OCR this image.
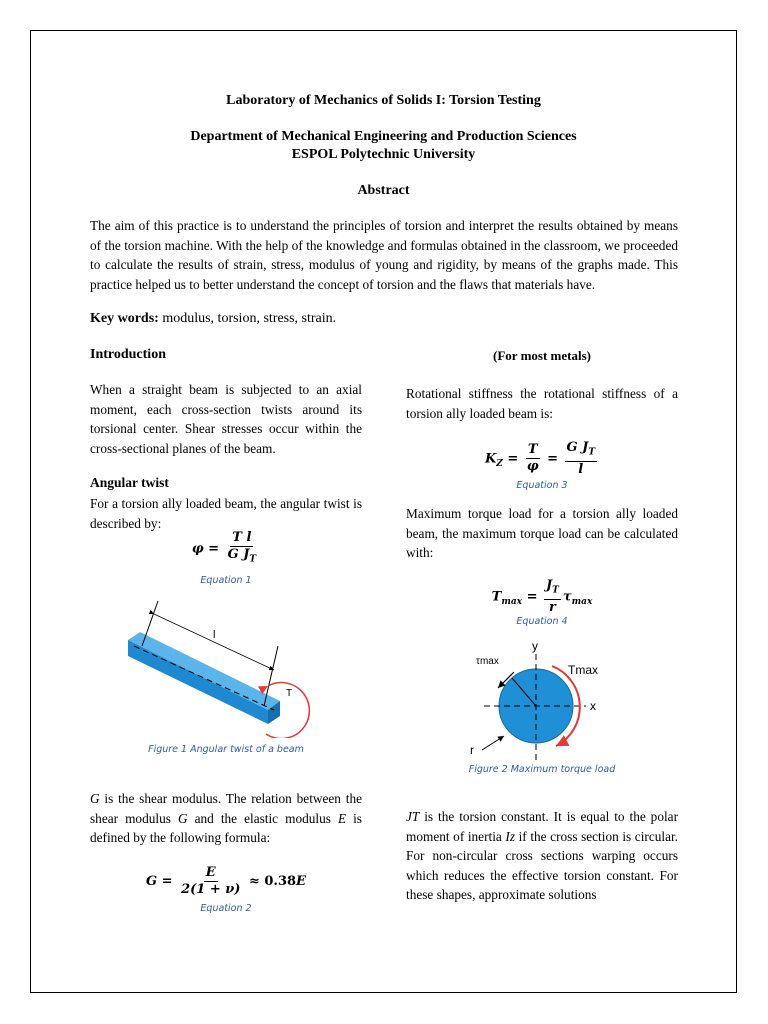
Laboratory of Mechanics of Solids I: Torsion Testing
Department of Mechanical Engineering and Production Sciences
ESPOL Polytechnic University
Abstract
The aim of this practice is to understand the principles of torsion and interpret the results obtained by means of the torsion machine. With the help of the knowledge and formulas obtained in the classroom, we proceeded to calculate the results of strain, stress, modulus of young and rigidity, by means of the graphs made. This practice helped us to better understand the concept of torsion and the flaws that materials have.
Key words: modulus, torsion, stress, strain.
Introduction
When a straight beam is subjected to an axial moment, each cross-section twists around its torsional center. Shear stresses occur within the cross-sectional planes of the beam.
Angular twist
For a torsion ally loaded beam, the angular twist is described by:
$\varphi = \frac{\text{T l}}{G J_T}$
Equation 1
l
T
Figure 1 Angular twist of a beam
G is the shear modulus. The relation between the shear modulus G and the elastic modulus E is defined by the following formula:
$G = \frac{E}{2(1 + \nu)} \approx 0.38E$
Equation 2
(For most metals)
Rotational stiffness the rotational stiffness of a torsion ally loaded beam is:
$K_Z = \frac{T}{\varphi} = \frac{G J_T}{l}$
Equation 3
Maximum torque load for a torsion ally loaded beam, the maximum torque load can be calculated with:
$T_{max} = \frac{J_T}{r} \tau_{max}$
Equation 4
y
x
τmax
Tmax
r
Figure 2 Maximum torque load
JT is the torsion constant. It is equal to the polar moment of inertia Iz if the cross section is circular. For non-circular cross sections warping occurs which reduces the effective torsion constant. For these shapes, approximate solutions
